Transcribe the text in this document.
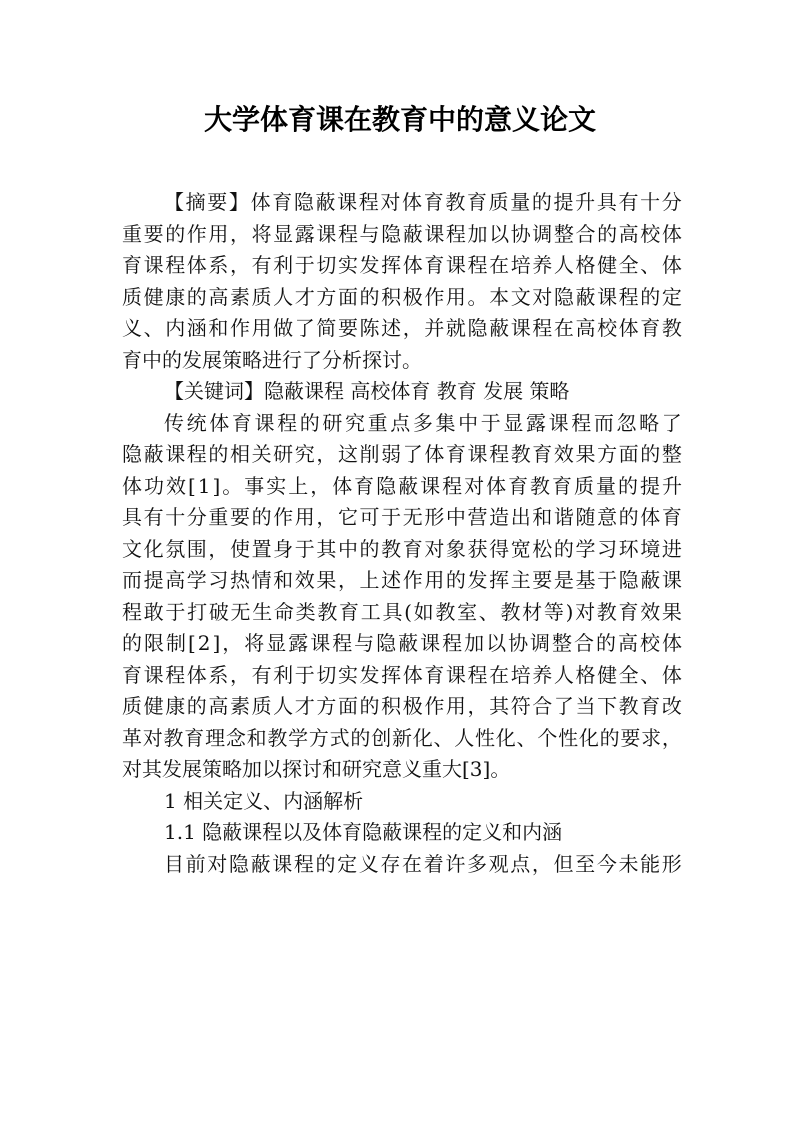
大学体育课在教育中的意义论文
【 摘 要 】 体 育 隐 蔽 课 程 对 体 育 教 育 质 量 的 提 升 具 有 十 分
重 要 的 作 用 ， 将 显 露 课 程 与 隐 蔽 课 程 加 以 协 调 整 合 的 高 校 体
育 课 程 体 系 ， 有 利 于 切 实 发 挥 体 育 课 程 在 培 养 人 格 健 全 、 体
质 健 康 的 高 素 质 人 才 方 面 的 积 极 作 用 。 本 文 对 隐 蔽 课 程 的 定
义 、 内 涵 和 作 用 做 了 简 要 陈 述 ， 并 就 隐 蔽 课 程 在 高 校 体 育 教
育中的发展策略进行了分析探讨。
【关键词】隐蔽课程 高校体育 教育 发展 策略
传 统 体 育 课 程 的 研 究 重 点 多 集 中 于 显 露 课 程 而 忽 略 了
隐 蔽 课 程 的 相 关 研 究 ， 这 削 弱 了 体 育 课 程 教 育 效 果 方 面 的 整
体 功 效 [ 1 ] 。 事 实 上 ， 体 育 隐 蔽 课 程 对 体 育 教 育 质 量 的 提 升
具 有 十 分 重 要 的 作 用 ， 它 可 于 无 形 中 营 造 出 和 谐 随 意 的 体 育
文 化 氛 围 ， 使 置 身 于 其 中 的 教 育 对 象 获 得 宽 松 的 学 习 环 境 进
而 提 高 学 习 热 情 和 效 果 ， 上 述 作 用 的 发 挥 主 要 是 基 于 隐 蔽 课
程 敢 于 打 破 无 生 命 类 教 育 工 具 ( 如 教 室 、 教 材 等 ) 对 教 育 效 果
的 限 制 [ 2 ] ， 将 显 露 课 程 与 隐 蔽 课 程 加 以 协 调 整 合 的 高 校 体
育 课 程 体 系 ， 有 利 于 切 实 发 挥 体 育 课 程 在 培 养 人 格 健 全 、 体
质 健 康 的 高 素 质 人 才 方 面 的 积 极 作 用 ， 其 符 合 了 当 下 教 育 改
革 对 教 育 理 念 和 教 学 方 式 的 创 新 化 、 人 性 化 、 个 性 化 的 要 求 ，
对其发展策略加以探讨和研究意义重大[3]。
1 相关定义、内涵解析
1.1 隐蔽课程以及体育隐蔽课程的定义和内涵
目 前 对 隐 蔽 课 程 的 定 义 存 在 着 许 多 观 点 ， 但 至 今 未 能 形
